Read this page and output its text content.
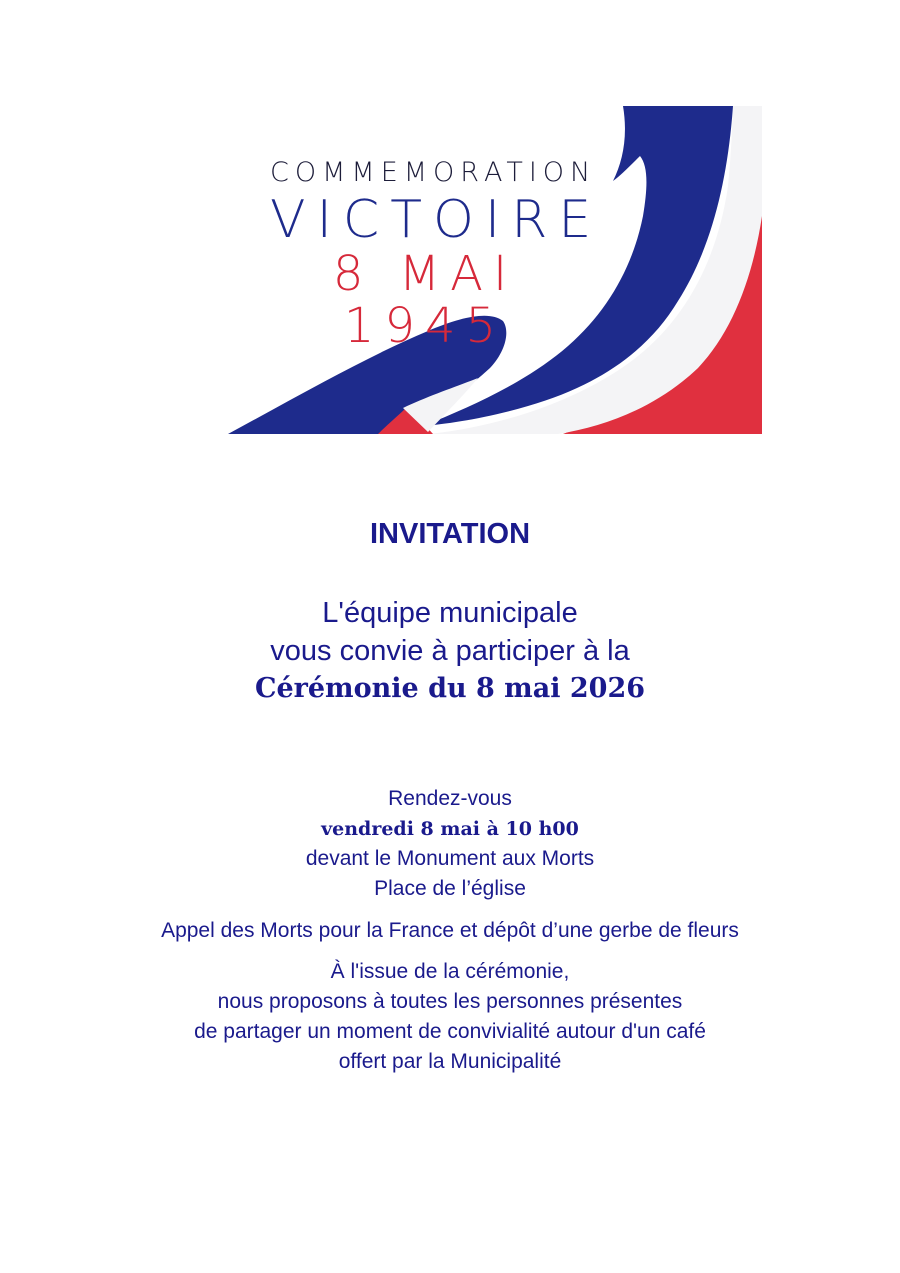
COMMEMORATION
VICTOIRE
8 MAI 1945
INVITATION
L'équipe municipale
vous convie à participer à la
Cérémonie du 8 mai 2026
Rendez-vous
vendredi 8 mai à 10 h00
devant le Monument aux Morts
Place de l’église
Appel des Morts pour la France et dépôt d’une gerbe de fleurs
À l'issue de la cérémonie,
nous proposons à toutes les personnes présentes
de partager un moment de convivialité autour d'un café
offert par la Municipalité
